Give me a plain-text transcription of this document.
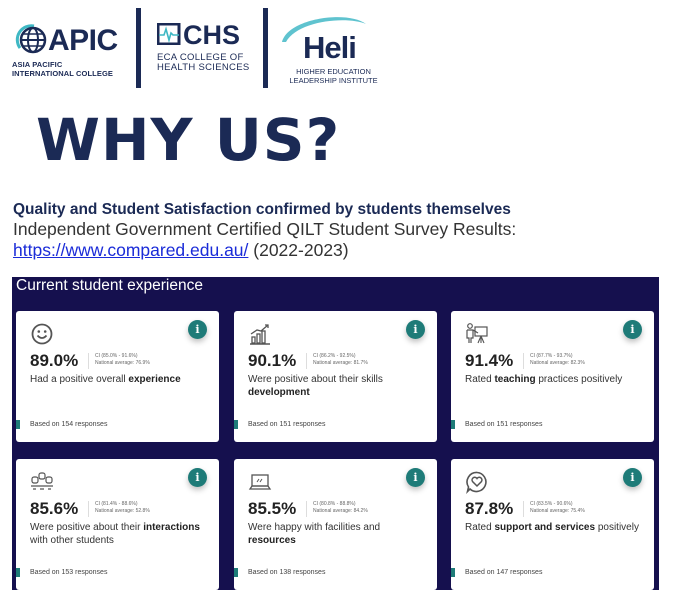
APIC
ASIA PACIFIC
INTERNATIONAL COLLEGE
CHS
ECA COLLEGE OF
HEALTH SCIENCES
Heli
HIGHER EDUCATION
LEADERSHIP INSTITUTE
WHY US?
Quality and Student Satisfaction confirmed by students themselves
Independent Government Certified QILT Student Survey Results:
https://www.compared.edu.au/ (2022-2023)
Current student experience
i
89.0%	CI (85.0% - 91.6%)
National average: 76.9%
Had a positive overall experience
Based on 154 responses
i
90.1%	CI (86.2% - 92.5%)
National average: 81.7%
Were positive about their skills development
Based on 151 responses
i
91.4%	CI (87.7% - 93.7%)
National average: 82.3%
Rated teaching practices positively
Based on 151 responses
i
85.6%	CI (81.4% - 88.6%)
National average: 52.8%
Were positive about their interactions with other students
Based on 153 responses
i
85.5%	CI (80.8% - 88.8%)
National average: 84.2%
Were happy with facilities and resources
Based on 138 responses
i
87.8%	CI (83.5% - 90.6%)
National average: 75.4%
Rated support and services positively
Based on 147 responses
